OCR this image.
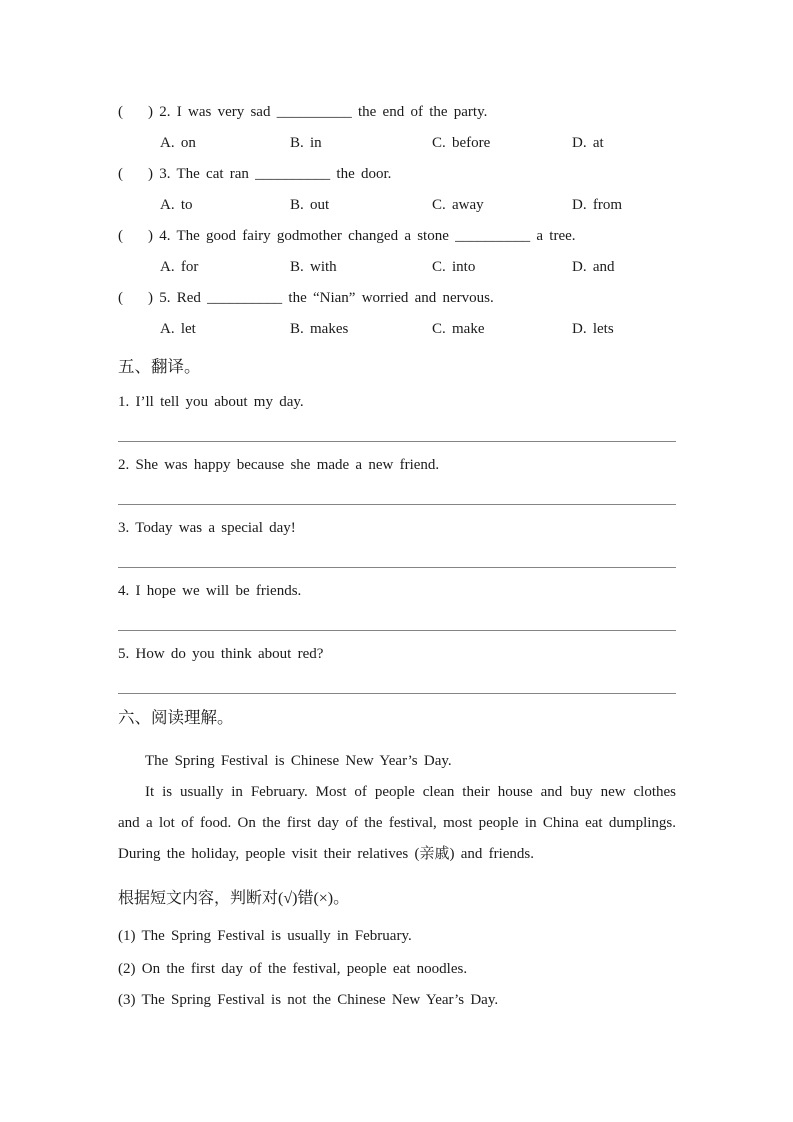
(    ) 2. I was very sad __________ the end of the party.
A. on	B. in	C. before	D. at
(    ) 3. The cat ran __________ the door.
A. to	B. out	C. away	D. from
(    ) 4. The good fairy godmother changed a stone __________ a tree.
A. for	B. with	C. into	D. and
(    ) 5. Red __________ the “Nian” worried and nervous.
A. let	B. makes	C. make	D. lets
五、翻译。
1. I’ll tell you about my day.
2. She was happy because she made a new friend.
3. Today was a special day!
4. I hope we will be friends.
5. How do you think about red?
六、阅读理解。

The Spring Festival is Chinese New Year’s Day.

It is usually in February. Most of people clean their house and buy new clothes

and a lot of food. On the first day of the festival, most people in China eat dumplings.

During the holiday, people visit their relatives (亲戚) and friends.

根据短文内容，判断对(√)错(×)。
(1) The Spring Festival is usually in February.
(2) On the first day of the festival, people eat noodles.
(3) The Spring Festival is not the Chinese New Year’s Day.
